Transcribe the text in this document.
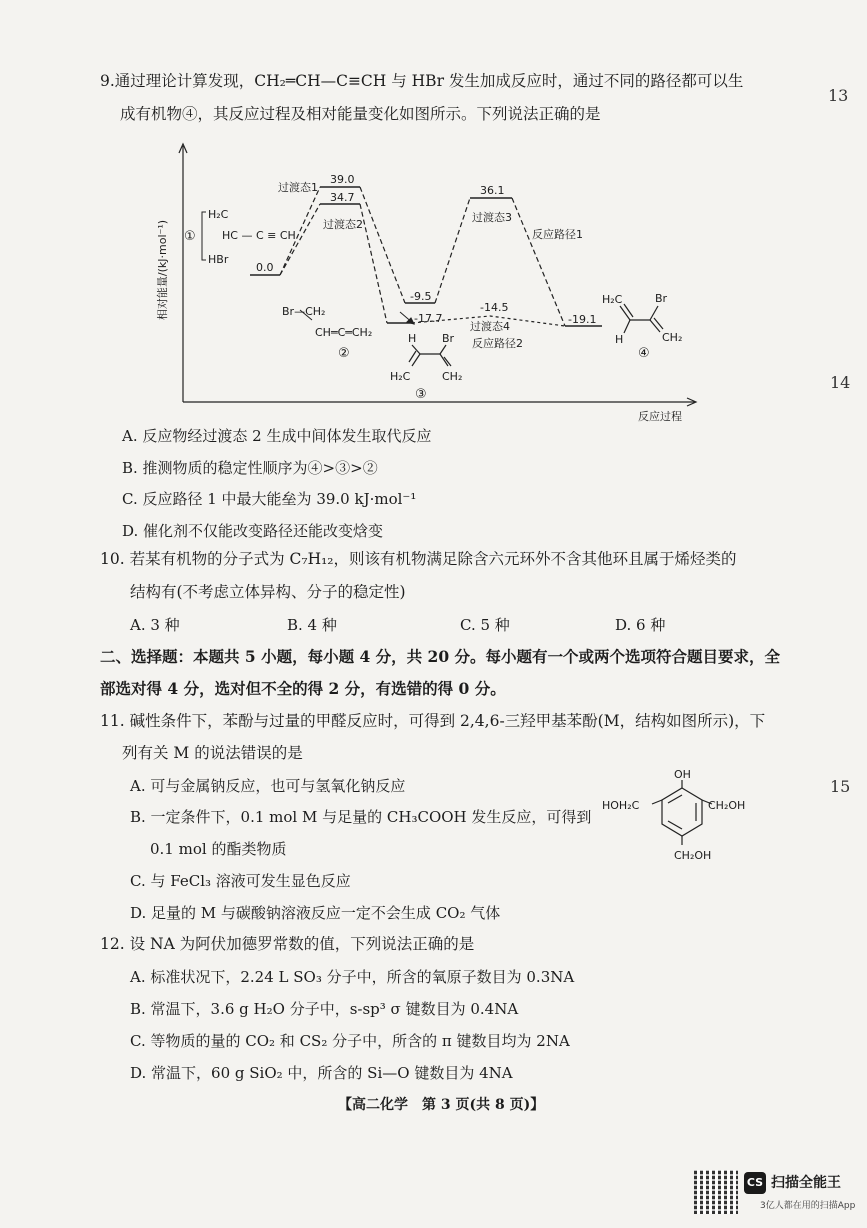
13
14
15
9.通过理论计算发现，CH₂═CH—C≡CH 与 HBr 发生加成反应时，通过不同的路径都可以生
成有机物④，其反应过程及相对能量变化如图所示。下列说法正确的是
相对能量/(kJ·mol⁻¹)
反应过程
0.0
39.0
过渡态1
34.7
过渡态2
36.1
过渡态3
反应路径1
-14.5
过渡态4
反应路径2
-9.5
-17.7	-19.1
①
H₂C
HC — C ≡ CH
HBr
Br—CH₂
CH═C═CH₂
②
H Br
H₂C	CH₂
③
H₂C	Br
H	CH₂
④
A. 反应物经过渡态 2 生成中间体发生取代反应
B. 推测物质的稳定性顺序为④>③>②
C. 反应路径 1 中最大能垒为 39.0 kJ·mol⁻¹
D. 催化剂不仅能改变路径还能改变焓变
10. 若某有机物的分子式为 C₇H₁₂，则该有机物满足除含六元环外不含其他环且属于烯烃类的
结构有(不考虑立体异构、分子的稳定性)
A. 3 种	B. 4 种	C. 5 种	D. 6 种
二、选择题：本题共 5 小题，每小题 4 分，共 20 分。每小题有一个或两个选项符合题目要求，全
部选对得 4 分，选对但不全的得 2 分，有选错的得 0 分。
11. 碱性条件下，苯酚与过量的甲醛反应时，可得到 2,4,6-三羟甲基苯酚(M，结构如图所示)，下
列有关 M 的说法错误的是
A. 可与金属钠反应，也可与氢氧化钠反应
B. 一定条件下，0.1 mol M 与足量的 CH₃COOH 发生反应，可得到
0.1 mol 的酯类物质
C. 与 FeCl₃ 溶液可发生显色反应
D. 足量的 M 与碳酸钠溶液反应一定不会生成 CO₂ 气体
OH
HOH₂C	CH₂OH
CH₂OH
12. 设 NA 为阿伏加德罗常数的值，下列说法正确的是
A. 标准状况下，2.24 L SO₃ 分子中，所含的氧原子数目为 0.3NA
B. 常温下，3.6 g H₂O 分子中，s-sp³ σ 键数目为 0.4NA
C. 等物质的量的 CO₂ 和 CS₂ 分子中，所含的 π 键数目均为 2NA
D. 常温下，60 g SiO₂ 中，所含的 Si—O 键数目为 4NA
【高二化学　第 3 页(共 8 页)】
CS 扫描全能王
3亿人都在用的扫描App
